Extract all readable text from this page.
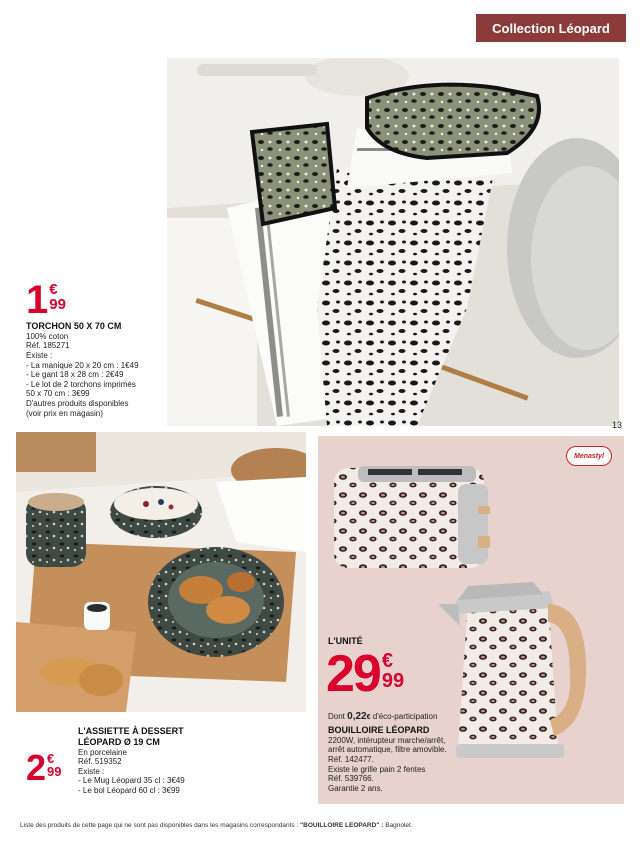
Collection Léopard
1 €
99
TORCHON 50 X 70 CM
100% coton
Réf. 185271
Existe :
- La manique 20 x 20 cm : 1€49
- Le gant 18 x 28 cm : 2€49
- Le lot de 2 torchons imprimés
50 x 70 cm : 3€99
D'autres produits disponibles
(voir prix en magasin)
13
2 €
99
L'ASSIETTE À DESSERT
LÉOPARD Ø 19 CM
En porcelaine
Réf. 519352
Existe :
- Le Mug Léopard 35 cl : 3€49
- Le bol Léopard 60 cl : 3€99
Menastyl
L'UNITÉ
29 €
99
Dont 0,22€ d'éco-participation
BOUILLOIRE LÉOPARD
2200W, intérupteur marche/arrêt,
arrêt automatique, filtre amovible.
Réf. 142477.
Existe le grille pain 2 fentes
Réf. 539766.
Garantie 2 ans.
Liste des produits de cette page qui ne sont pas disponibles dans les magasins correspondants : "BOUILLOIRE LEOPARD" : Bagnolet.
